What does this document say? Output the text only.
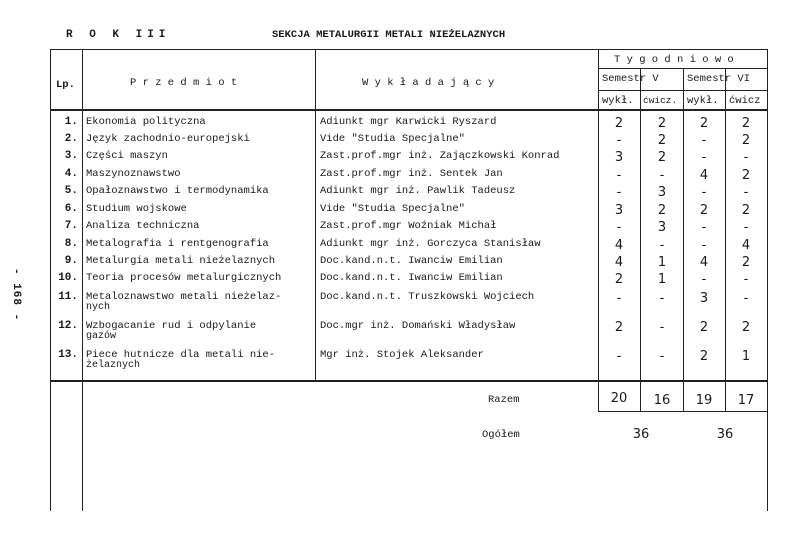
R O K III	SEKCJA METALURGII METALI NIEŻELAZNYCH
- 168 -
Lp.	P r z e d m i o t	W y k ł a d a j ą c y
T y g o d n i o w o
Semestr V	Semestr VI
wykł. ćwicz. wykł. ćwicz
1. Ekonomia polityczna	Adiunkt mgr Karwicki Ryszard	2	2	2	2
2. Język zachodnio-europejski	Vide "Studia Specjalne"	-	2	-	2
3. Części maszyn	Zast.prof.mgr inż. Zajączkowski Konrad	3	2	-	-
4. Maszynoznawstwo	Zast.prof.mgr inż. Sentek Jan	-	-	4	2
5. Opałoznawstwo i termodynamika	Adiunkt mgr inż. Pawlik Tadeusz	-	3	-	-
6. Studium wojskowe	Vide "Studia Specjalne"	3	2	2	2
7. Analiza techniczna	Zast.prof.mgr Woźniak Michał	-	3	-	-
8. Metalografia i rentgenografia	Adiunkt mgr inż. Gorczyca Stanisław	4	-	-	4
9. Metalurgia metali nieżelaznych	Doc.kand.n.t. Iwanciw Emilian	4	1	4	2
10. Teoria procesów metalurgicznych	Doc.kand.n.t. Iwanciw Emilian	2	1	-	-
11. Metaloznawstwo metali nieżelaz-
nych
Doc.kand.n.t. Truszkowski Wojciech	-	-	3	-
12. Wzbogacanie rud i odpylanie
gazów
Doc.mgr inż. Domański Władysław	2	-	2	2
13. Piece hutnicze dla metali nie-
żelaznych
Mgr inż. Stojek Aleksander	-	-	2	1
Razem	20	16	19	17
Ogółem	36	36
